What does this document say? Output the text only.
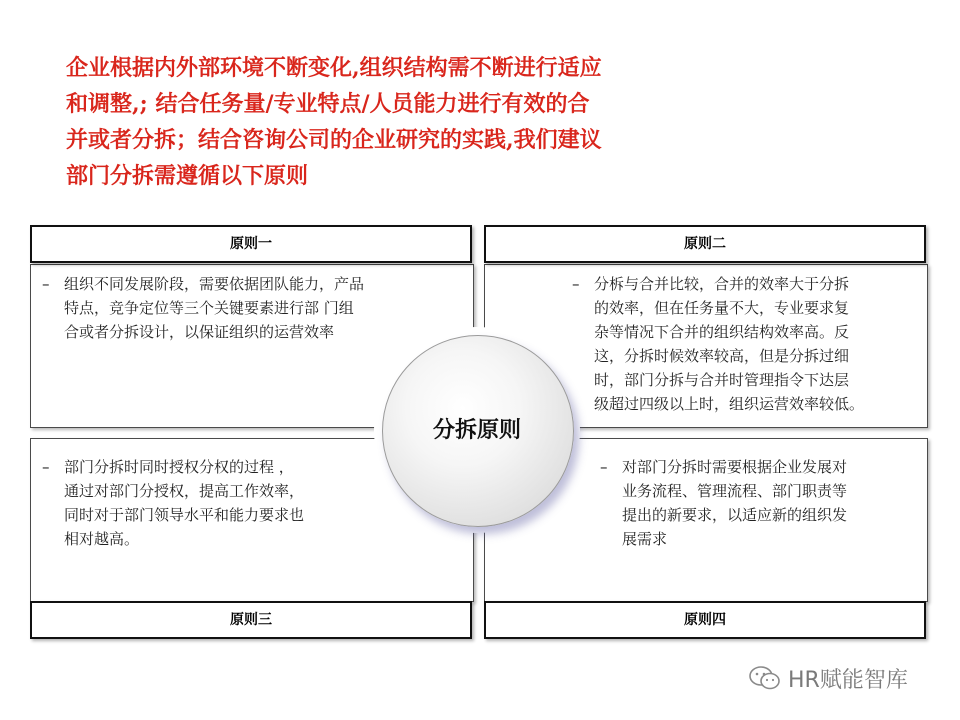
企业根据内外部环境不断变化,组织结构需不断进行适应

和调整,; 结合任务量/专业特点/人员能力进行有效的合

并或者分拆；结合咨询公司的企业研究的实践,我们建议

部门分拆需遵循以下原则

原则一	原则二
原则三	原则四
– 组织不同发展阶段，需要依据团队能力，产品
特点，竞争定位等三个关键要素进行部 门组
合或者分拆设计，以保证组织的运营效率
– 分柝与合并比较，合并的效率大于分拆
的效率，但在任务量不大，专业要求复
杂等情况下合并的组织结构效率高。反
这，分拆时候效率较高，但是分拆过细
时，部门分拆与合并时管理指令下达层
级超过四级以上时，组织运营效率较低。
– 部门分拆时同时授权分权的过程 ，
通过对部门分授权，提高工作效率，
同时对于部门领导水平和能力要求也
相对越高。
– 对部门分拆时需要根据企业发展对
业务流程、管理流程、部门职责等
提出的新要求，以适应新的组织发
展需求
分拆原则
HR赋能智库
